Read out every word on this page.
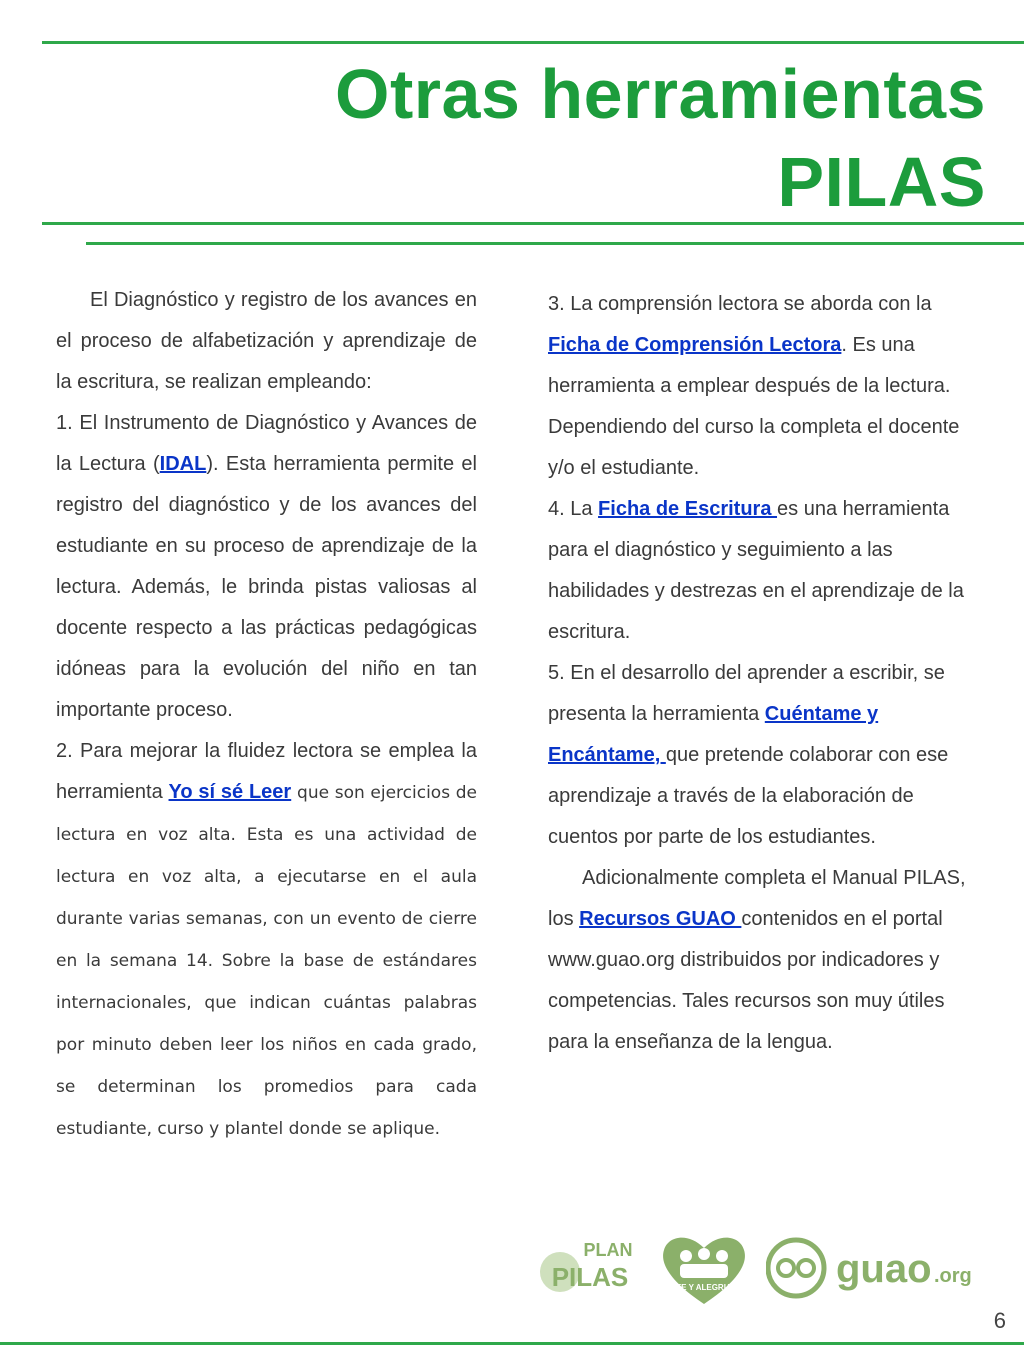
Otras herramientas
PILAS

El Diagnóstico y registro de los avances en el proceso de alfabetización y aprendizaje de la escritura, se realizan empleando:

1. El Instrumento de Diagnóstico y Avances de la Lectura (IDAL). Esta herramienta permite el registro del diagnóstico y de los avances del estudiante en su proceso de aprendizaje de la lectura. Además, le brinda pistas valiosas al docente respecto a las prácticas pedagógicas idóneas para la evolución del niño en tan importante proceso.

2. Para mejorar la fluidez lectora se emplea la herramienta Yo sí sé Leer que son ejercicios de lectura en voz alta. Esta es una actividad de lectura en voz alta, a ejecutarse en el aula durante varias semanas, con un evento de cierre en la semana 14. Sobre la base de estándares internacionales, que indican cuántas palabras por minuto deben leer los niños en cada grado, se determinan los promedios para cada estudiante, curso y plantel donde se aplique.

3. La comprensión lectora se aborda con la Ficha de Comprensión Lectora. Es una herramienta a emplear después de la lectura. Dependiendo del curso la completa el docente y/o el estudiante.

4. La Ficha de Escritura es una herramienta para el diagnóstico y seguimiento a las habilidades y destrezas en el aprendizaje de la escritura.

5. En el desarrollo del aprender a escribir, se presenta la herramienta Cuéntame y Encántame, que pretende colaborar con ese aprendizaje a través de la elaboración de cuentos por parte de los estudiantes.

Adicionalmente completa el Manual PILAS, los Recursos GUAO contenidos en el portal www.guao.org distribuidos por indicadores y competencias. Tales recursos son muy útiles para la enseñanza de la lengua.

PLAN
PILAS	FE Y ALEGRIA	guao .org
6
